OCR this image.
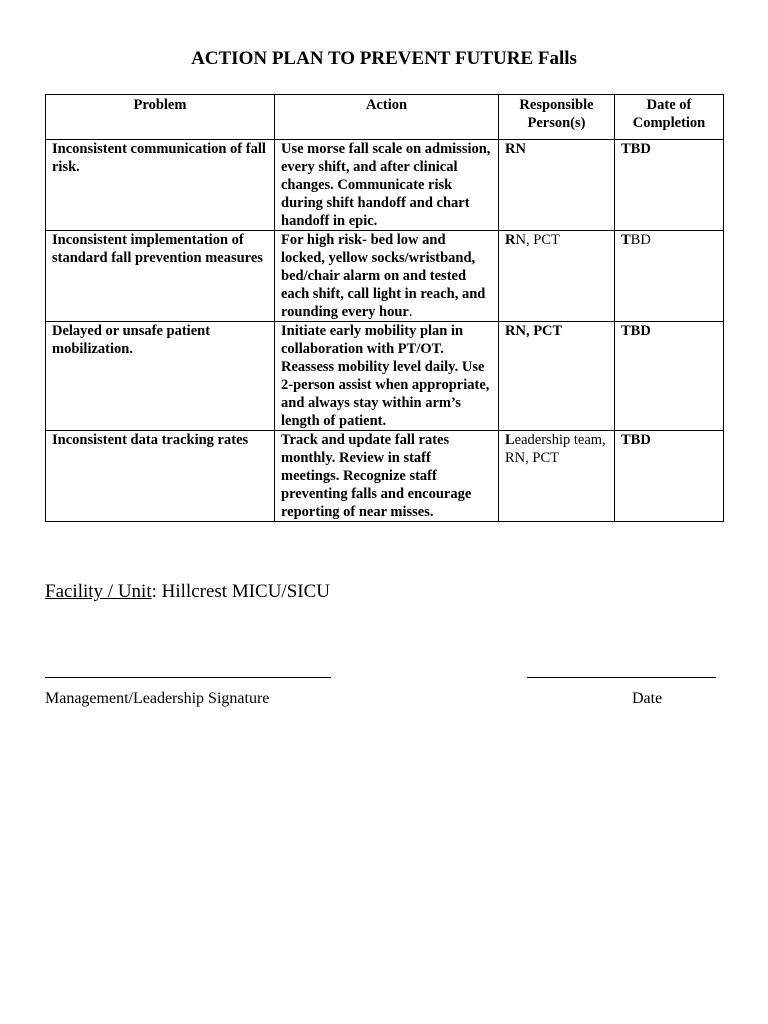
ACTION PLAN TO PREVENT FUTURE Falls
Problem	Action	Responsible Person(s)	Date of Completion
Inconsistent communication of fall risk.	Use morse fall scale on admission, every shift, and after clinical changes. Communicate risk during shift handoff and chart handoff in epic.	RN	TBD
Inconsistent implementation of standard fall prevention measures	For high risk- bed low and locked, yellow socks/wristband, bed/chair alarm on and tested each shift, call light in reach, and rounding every hour.	RN, PCT	TBD
Delayed or unsafe patient mobilization.	Initiate early mobility plan in collaboration with PT/OT. Reassess mobility level daily. Use 2-person assist when appropriate, and always stay within arm’s length of patient.	RN, PCT	TBD
Inconsistent data tracking rates	Track and update fall rates monthly. Review in staff meetings. Recognize staff preventing falls and encourage reporting of near misses.	Leadership team, RN, PCT	TBD
Facility / Unit: Hillcrest MICU/SICU
Management/Leadership Signature	Date
